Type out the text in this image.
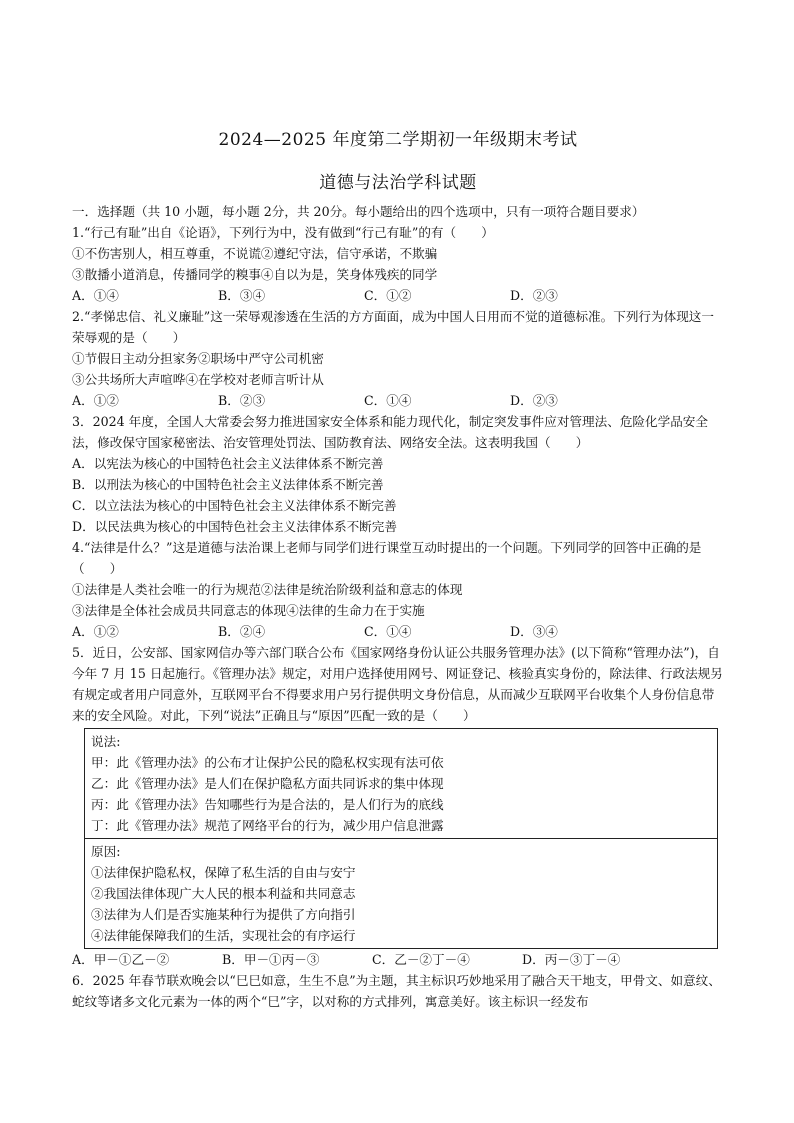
2024—2025 年度第二学期初一年级期末考试
道德与法治学科试题
一．选择题（共 10 小题，每小题 2分，共 20分。每小题给出的四个选项中，只有一项符合题目要求）
1.“行己有耻”出自《论语》，下列行为中，没有做到“行己有耻”的有（　　）
①不伤害别人，相互尊重，不说谎②遵纪守法，信守承诺，不欺骗
③散播小道消息，传播同学的糗事④自以为是，笑身体残疾的同学
A．①④	B．③④	C．①②	D．②③
2.“孝悌忠信、礼义廉耻”这一荣辱观渗透在生活的方方面面，成为中国人日用而不觉的道德标准。下列行为体现这一荣辱观的是（　　）
①节假日主动分担家务②职场中严守公司机密
③公共场所大声喧哗④在学校对老师言听计从
A．①②	B．②③	C．①④	D．②③
3．2024 年度，全国人大常委会努力推进国家安全体系和能力现代化，制定突发事件应对管理法、危险化学品安全法，修改保守国家秘密法、治安管理处罚法、国防教育法、网络安全法。这表明我国（　　）
A．以宪法为核心的中国特色社会主义法律体系不断完善
B．以刑法为核心的中国特色社会主义法律体系不断完善
C．以立法法为核心的中国特色社会主义法律体系不断完善
D．以民法典为核心的中国特色社会主义法律体系不断完善
4.“法律是什么？”这是道德与法治课上老师与同学们进行课堂互动时提出的一个问题。下列同学的回答中正确的是（　　）
①法律是人类社会唯一的行为规范②法律是统治阶级利益和意志的体现
③法律是全体社会成员共同意志的体现④法律的生命力在于实施
A．①②	B．②④	C．①④	D．③④
5．近日，公安部、国家网信办等六部门联合公布《国家网络身份认证公共服务管理办法》(以下简称“管理办法”)，自今年 7 月 15 日起施行。《管理办法》规定，对用户选择使用网号、网证登记、核验真实身份的，除法律、行政法规另有规定或者用户同意外，互联网平台不得要求用户另行提供明文身份信息，从而减少互联网平台收集个人身份信息带来的安全风险。对此，下列“说法”正确且与“原因”匹配一致的是（　　）
说法:
甲：此《管理办法》的公布才让保护公民的隐私权实现有法可依
乙：此《管理办法》是人们在保护隐私方面共同诉求的集中体现
丙：此《管理办法》告知哪些行为是合法的，是人们行为的底线
丁：此《管理办法》规范了网络平台的行为，减少用户信息泄露
原因:
①法律保护隐私权，保障了私生活的自由与安宁
②我国法律体现广大人民的根本利益和共同意志
③法律为人们是否实施某种行为提供了方向指引
④法律能保障我们的生活，实现社会的有序运行
A．甲－①乙－②	B．甲－①丙－③	C．乙－②丁－④	D．丙－③丁－④
6．2025 年春节联欢晚会以“巳巳如意，生生不息”为主题，其主标识巧妙地采用了融合天干地支，甲骨文、如意纹、蛇纹等诸多文化元素为一体的两个“巳”字，以对称的方式排列，寓意美好。该主标识一经发布
